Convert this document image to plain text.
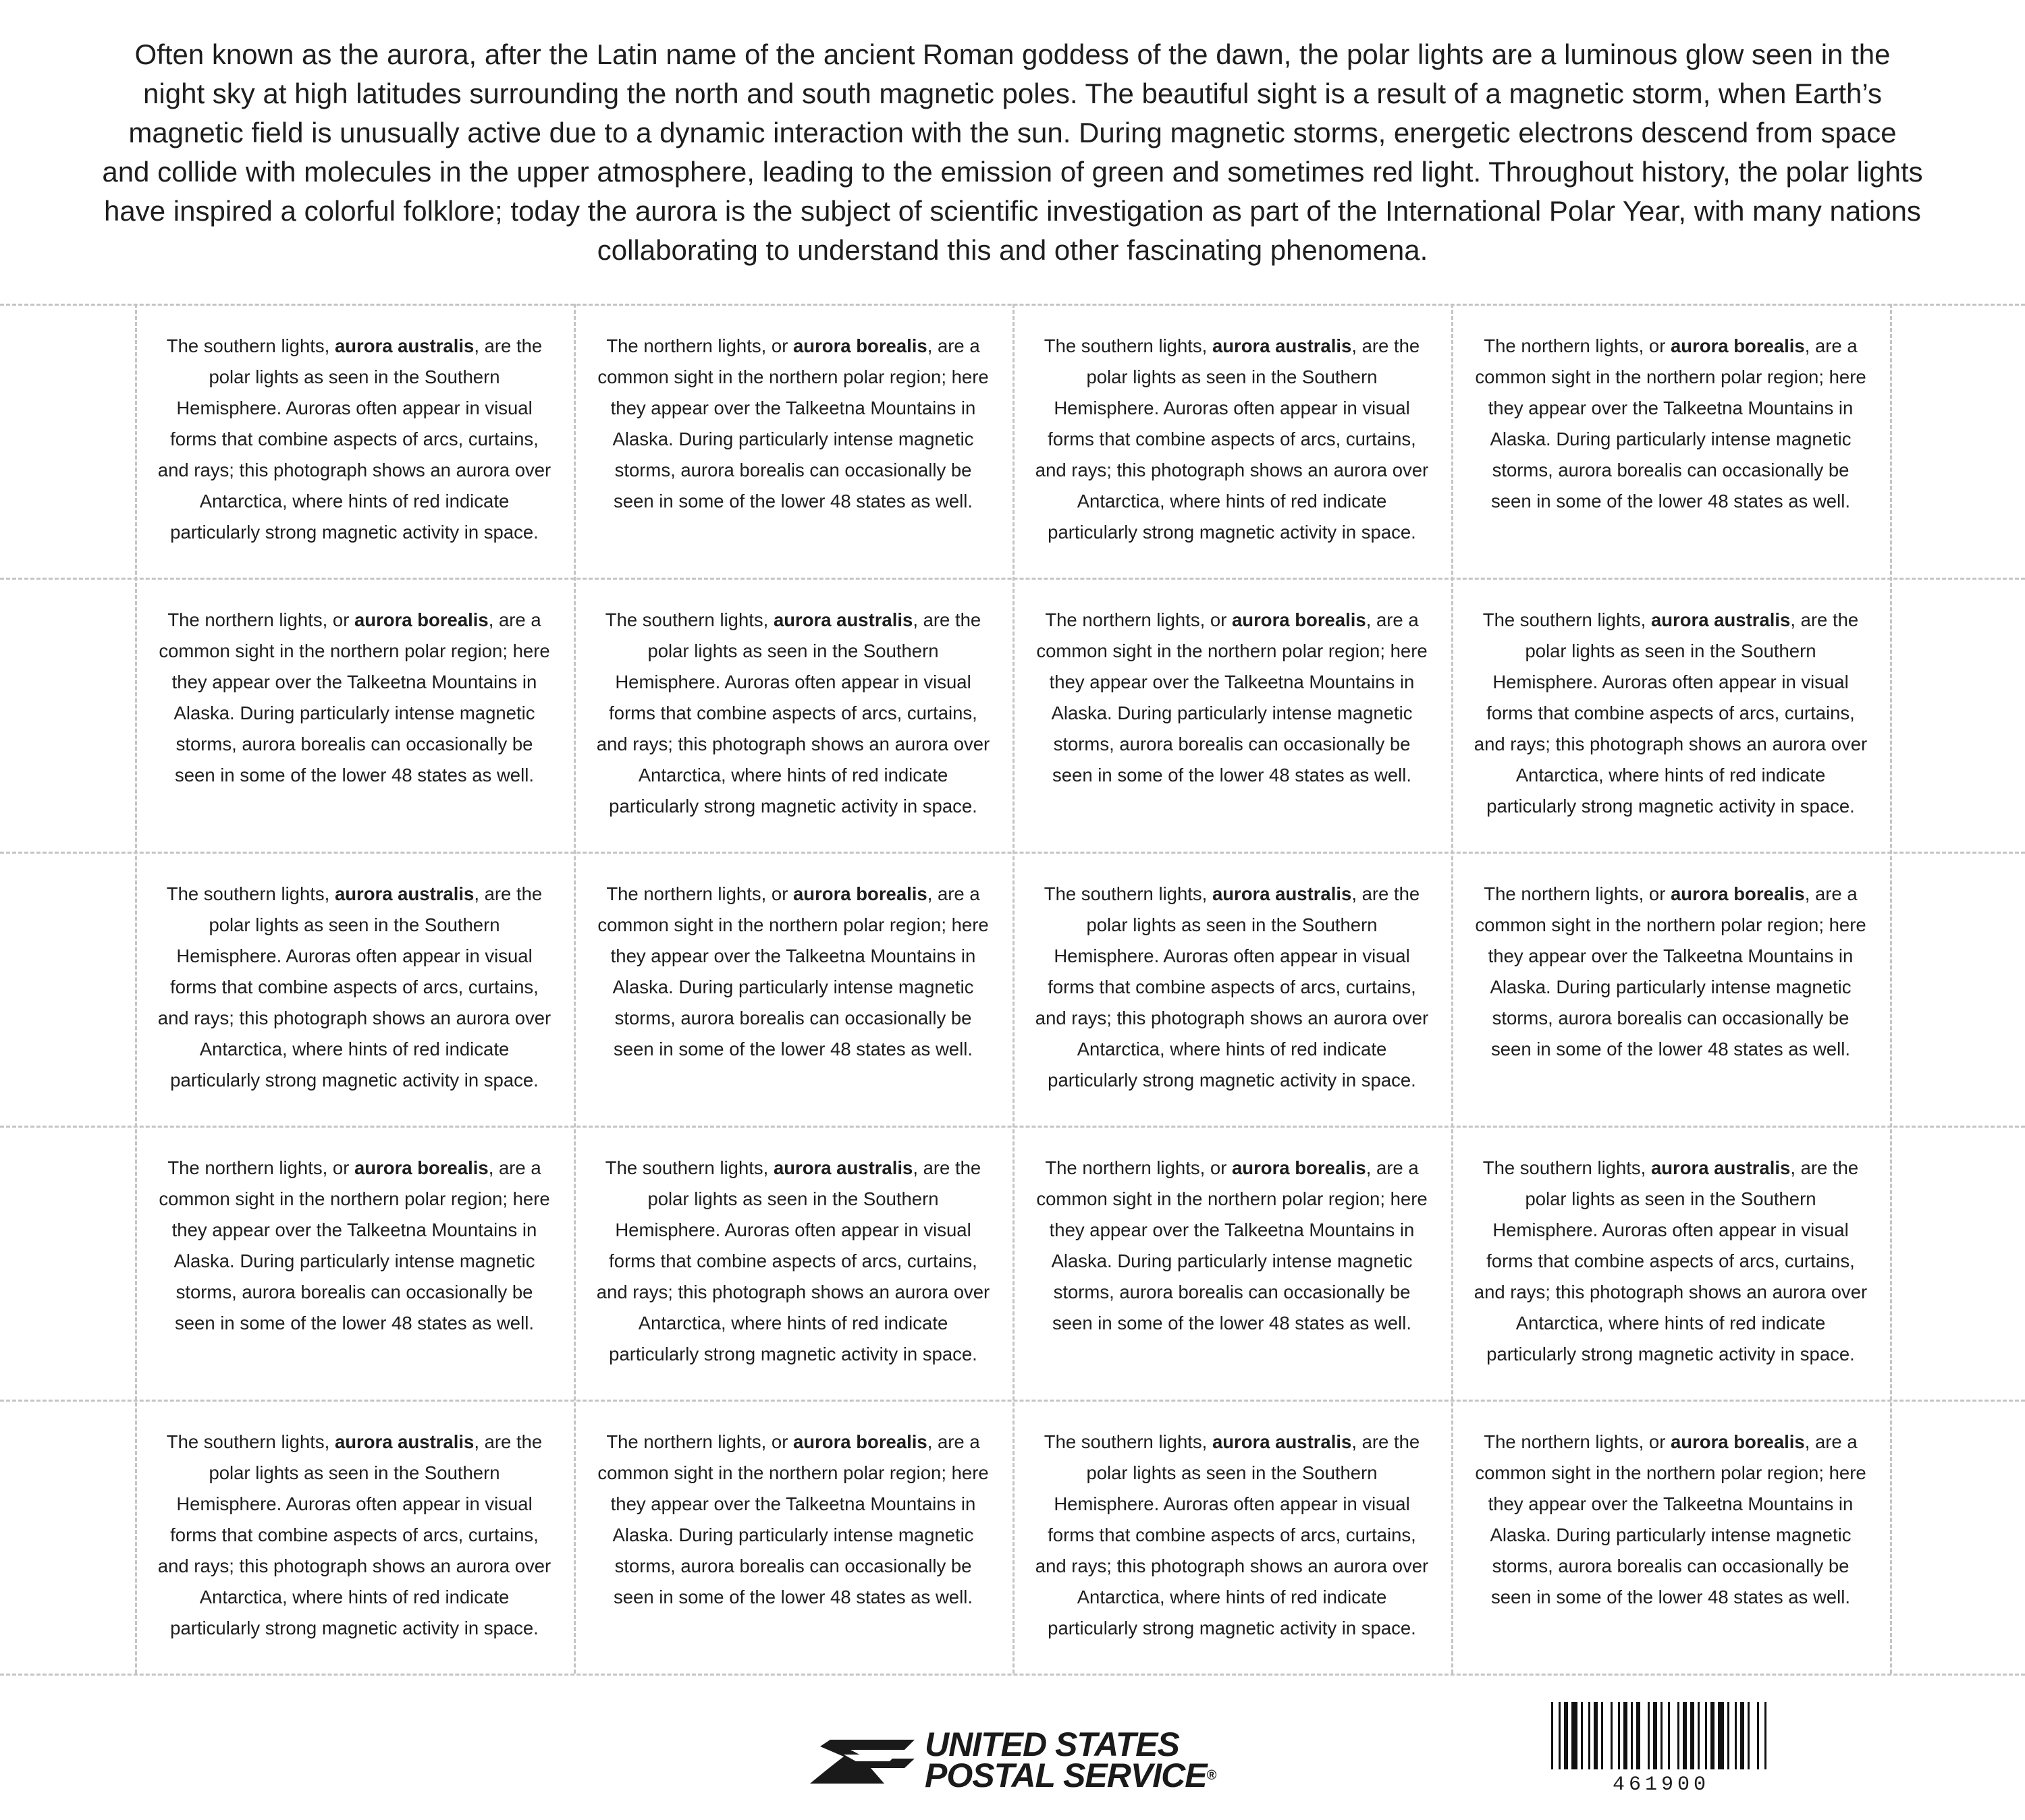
Often known as the aurora, after the Latin name of the ancient Roman goddess of the dawn, the polar lights are a luminous glow seen in the night sky at high latitudes surrounding the north and south magnetic poles. The beautiful sight is a result of a magnetic storm, when Earth’s magnetic field is unusually active due to a dynamic interaction with the sun. During magnetic storms, energetic electrons descend from space and collide with molecules in the upper atmosphere, leading to the emission of green and sometimes red light. Throughout history, the polar lights have inspired a colorful folklore; today the aurora is the subject of scientific investigation as part of the International Polar Year, with many nations collaborating to understand this and other fascinating phenomena.

The southern lights, aurora australis, are the polar lights as seen in the Southern Hemisphere. Auroras often appear in visual forms that combine aspects of arcs, curtains, and rays; this photograph shows an aurora over Antarctica, where hints of red indicate particularly strong magnetic activity in space.

The northern lights, or aurora borealis, are a common sight in the northern polar region; here they appear over the Talkeetna Mountains in Alaska. During particularly intense magnetic storms, aurora borealis can occasionally be seen in some of the lower 48 states as well.

The southern lights, aurora australis, are the polar lights as seen in the Southern Hemisphere. Auroras often appear in visual forms that combine aspects of arcs, curtains, and rays; this photograph shows an aurora over Antarctica, where hints of red indicate particularly strong magnetic activity in space.

The northern lights, or aurora borealis, are a common sight in the northern polar region; here they appear over the Talkeetna Mountains in Alaska. During particularly intense magnetic storms, aurora borealis can occasionally be seen in some of the lower 48 states as well.

The northern lights, or aurora borealis, are a common sight in the northern polar region; here they appear over the Talkeetna Mountains in Alaska. During particularly intense magnetic storms, aurora borealis can occasionally be seen in some of the lower 48 states as well.

The southern lights, aurora australis, are the polar lights as seen in the Southern Hemisphere. Auroras often appear in visual forms that combine aspects of arcs, curtains, and rays; this photograph shows an aurora over Antarctica, where hints of red indicate particularly strong magnetic activity in space.

The northern lights, or aurora borealis, are a common sight in the northern polar region; here they appear over the Talkeetna Mountains in Alaska. During particularly intense magnetic storms, aurora borealis can occasionally be seen in some of the lower 48 states as well.

The southern lights, aurora australis, are the polar lights as seen in the Southern Hemisphere. Auroras often appear in visual forms that combine aspects of arcs, curtains, and rays; this photograph shows an aurora over Antarctica, where hints of red indicate particularly strong magnetic activity in space.

The southern lights, aurora australis, are the polar lights as seen in the Southern Hemisphere. Auroras often appear in visual forms that combine aspects of arcs, curtains, and rays; this photograph shows an aurora over Antarctica, where hints of red indicate particularly strong magnetic activity in space.

The northern lights, or aurora borealis, are a common sight in the northern polar region; here they appear over the Talkeetna Mountains in Alaska. During particularly intense magnetic storms, aurora borealis can occasionally be seen in some of the lower 48 states as well.

The southern lights, aurora australis, are the polar lights as seen in the Southern Hemisphere. Auroras often appear in visual forms that combine aspects of arcs, curtains, and rays; this photograph shows an aurora over Antarctica, where hints of red indicate particularly strong magnetic activity in space.

The northern lights, or aurora borealis, are a common sight in the northern polar region; here they appear over the Talkeetna Mountains in Alaska. During particularly intense magnetic storms, aurora borealis can occasionally be seen in some of the lower 48 states as well.

The northern lights, or aurora borealis, are a common sight in the northern polar region; here they appear over the Talkeetna Mountains in Alaska. During particularly intense magnetic storms, aurora borealis can occasionally be seen in some of the lower 48 states as well.

The southern lights, aurora australis, are the polar lights as seen in the Southern Hemisphere. Auroras often appear in visual forms that combine aspects of arcs, curtains, and rays; this photograph shows an aurora over Antarctica, where hints of red indicate particularly strong magnetic activity in space.

The northern lights, or aurora borealis, are a common sight in the northern polar region; here they appear over the Talkeetna Mountains in Alaska. During particularly intense magnetic storms, aurora borealis can occasionally be seen in some of the lower 48 states as well.

The southern lights, aurora australis, are the polar lights as seen in the Southern Hemisphere. Auroras often appear in visual forms that combine aspects of arcs, curtains, and rays; this photograph shows an aurora over Antarctica, where hints of red indicate particularly strong magnetic activity in space.

The southern lights, aurora australis, are the polar lights as seen in the Southern Hemisphere. Auroras often appear in visual forms that combine aspects of arcs, curtains, and rays; this photograph shows an aurora over Antarctica, where hints of red indicate particularly strong magnetic activity in space.

The northern lights, or aurora borealis, are a common sight in the northern polar region; here they appear over the Talkeetna Mountains in Alaska. During particularly intense magnetic storms, aurora borealis can occasionally be seen in some of the lower 48 states as well.

The southern lights, aurora australis, are the polar lights as seen in the Southern Hemisphere. Auroras often appear in visual forms that combine aspects of arcs, curtains, and rays; this photograph shows an aurora over Antarctica, where hints of red indicate particularly strong magnetic activity in space.

The northern lights, or aurora borealis, are a common sight in the northern polar region; here they appear over the Talkeetna Mountains in Alaska. During particularly intense magnetic storms, aurora borealis can occasionally be seen in some of the lower 48 states as well.

UNITED STATES
POSTAL SERVICE®	461900
